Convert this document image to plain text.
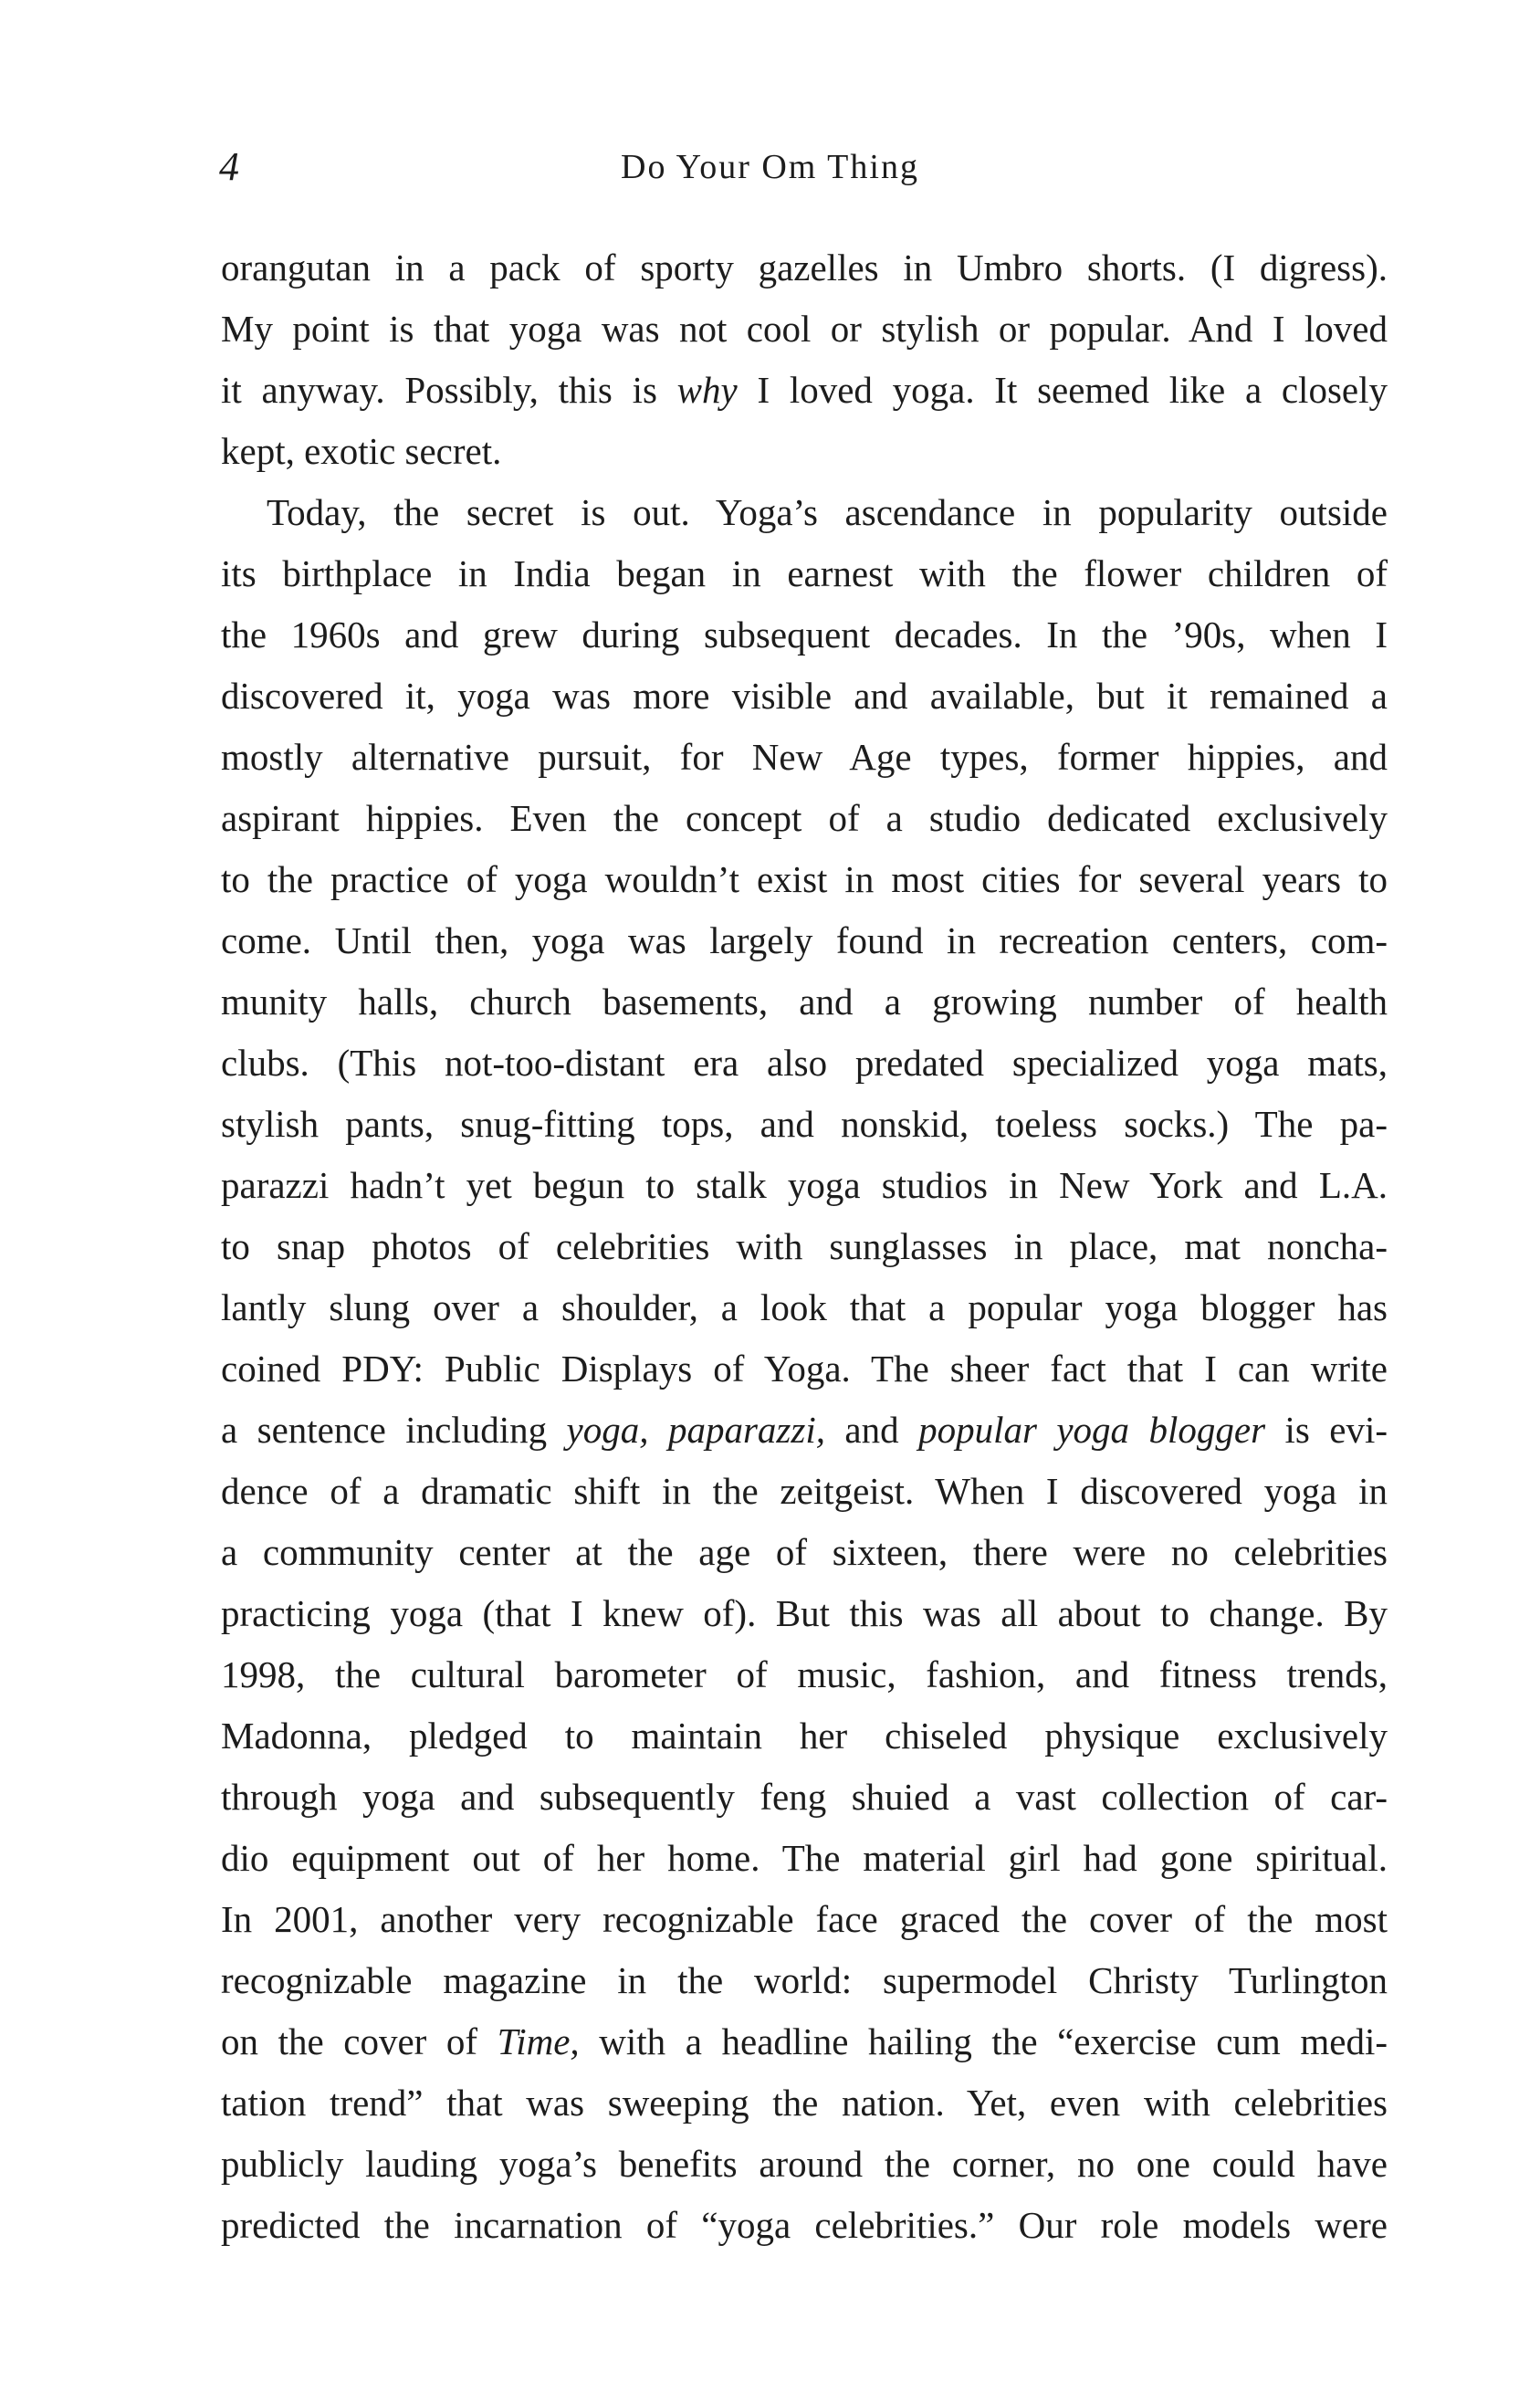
4	Do Your Om Thing
orangutan in a pack of sporty gazelles in Umbro shorts. (I digress).
My point is that yoga was not cool or stylish or popular. And I loved
it anyway. Possibly, this is why I loved yoga. It seemed like a closely
kept, exotic secret.
Today, the secret is out. Yoga’s ascendance in popularity outside
its birthplace in India began in earnest with the flower children of
the 1960s and grew during subsequent decades. In the ’90s, when I
discovered it, yoga was more visible and available, but it remained a
mostly alternative pursuit, for New Age types, former hippies, and
aspirant hippies. Even the concept of a studio dedicated exclusively
to the practice of yoga wouldn’t exist in most cities for several years to
come. Until then, yoga was largely found in recreation centers, com-
munity halls, church basements, and a growing number of health
clubs. (This not-too-distant era also predated specialized yoga mats,
stylish pants, snug-fitting tops, and nonskid, toeless socks.) The pa-
parazzi hadn’t yet begun to stalk yoga studios in New York and L.A.
to snap photos of celebrities with sunglasses in place, mat noncha-
lantly slung over a shoulder, a look that a popular yoga blogger has
coined PDY: Public Displays of Yoga. The sheer fact that I can write
a sentence including yoga, paparazzi, and popular yoga blogger is evi-
dence of a dramatic shift in the zeitgeist. When I discovered yoga in
a community center at the age of sixteen, there were no celebrities
practicing yoga (that I knew of). But this was all about to change. By
1998, the cultural barometer of music, fashion, and fitness trends,
Madonna, pledged to maintain her chiseled physique exclusively
through yoga and subsequently feng shuied a vast collection of car-
dio equipment out of her home. The material girl had gone spiritual.
In 2001, another very recognizable face graced the cover of the most
recognizable magazine in the world: supermodel Christy Turlington
on the cover of Time, with a headline hailing the “exercise cum medi-
tation trend” that was sweeping the nation. Yet, even with celebrities
publicly lauding yoga’s benefits around the corner, no one could have
predicted the incarnation of “yoga celebrities.” Our role models were
